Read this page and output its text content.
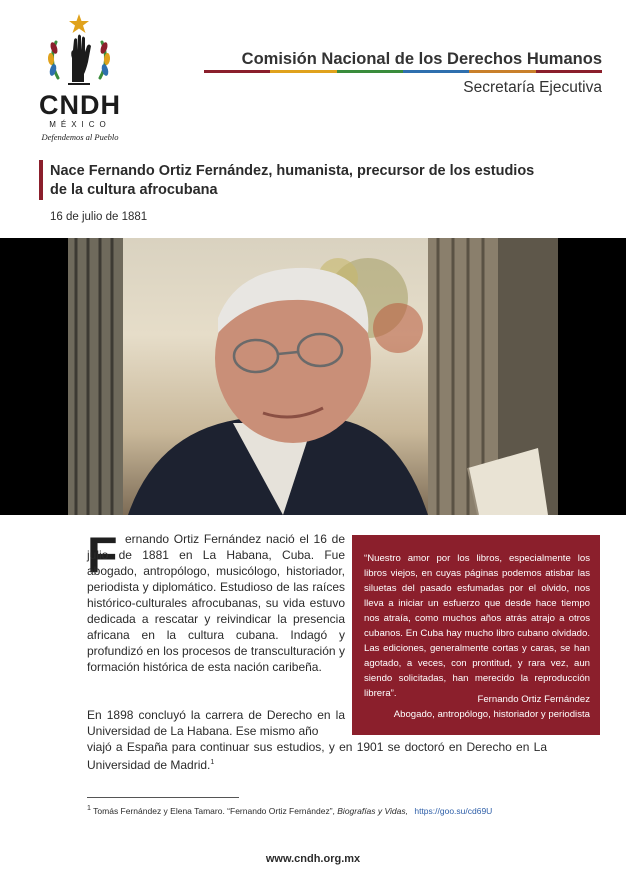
CNDH
MÉXICO
Defendemos al Pueblo
Comisión Nacional de los Derechos Humanos
Secretaría Ejecutiva
Nace Fernando Ortiz Fernández, humanista, precursor de los estudios de la cultura afrocubana
16 de julio de 1881
F ernando Ortiz Fernández nació el 16 de julio de 1881 en La Habana, Cuba. Fue abogado, antropólogo, musicólogo, historiador, periodista y diplomático. Estudioso de las raíces histórico-culturales afrocubanas, su vida estuvo dedicada a rescatar y reivindicar la presencia africana en la cultura cubana. Indagó y profundizó en los procesos de transculturación y formación histórica de esta nación caribeña.

En 1898 concluyó la carrera de Derecho en la Universidad de La Habana. Ese mismo año
viajó a España para continuar sus estudios, y en 1901 se doctoró en Derecho en La Universidad de Madrid.$^1$

“Nuestro amor por los libros, especialmente los libros viejos, en cuyas páginas podemos atisbar las siluetas del pasado esfumadas por el olvido, nos lleva a iniciar un esfuerzo que desde hace tiempo nos atraía, como muchos años atrás atrajo a otros cubanos. En Cuba hay mucho libro cubano olvidado. Las ediciones, generalmente cortas y caras, se han agotado, a veces, con prontitud, y rara vez, aun siendo solicitadas, han merecido la reproducción librera”.

Fernando Ortiz Fernández
Abogado, antropólogo, historiador y periodista
$^1$ Tomás Fernández y Elena Tamaro. “Fernando Ortiz Fernández”, Biografías y Vidas, https://goo.su/cd69U
www.cndh.org.mx
